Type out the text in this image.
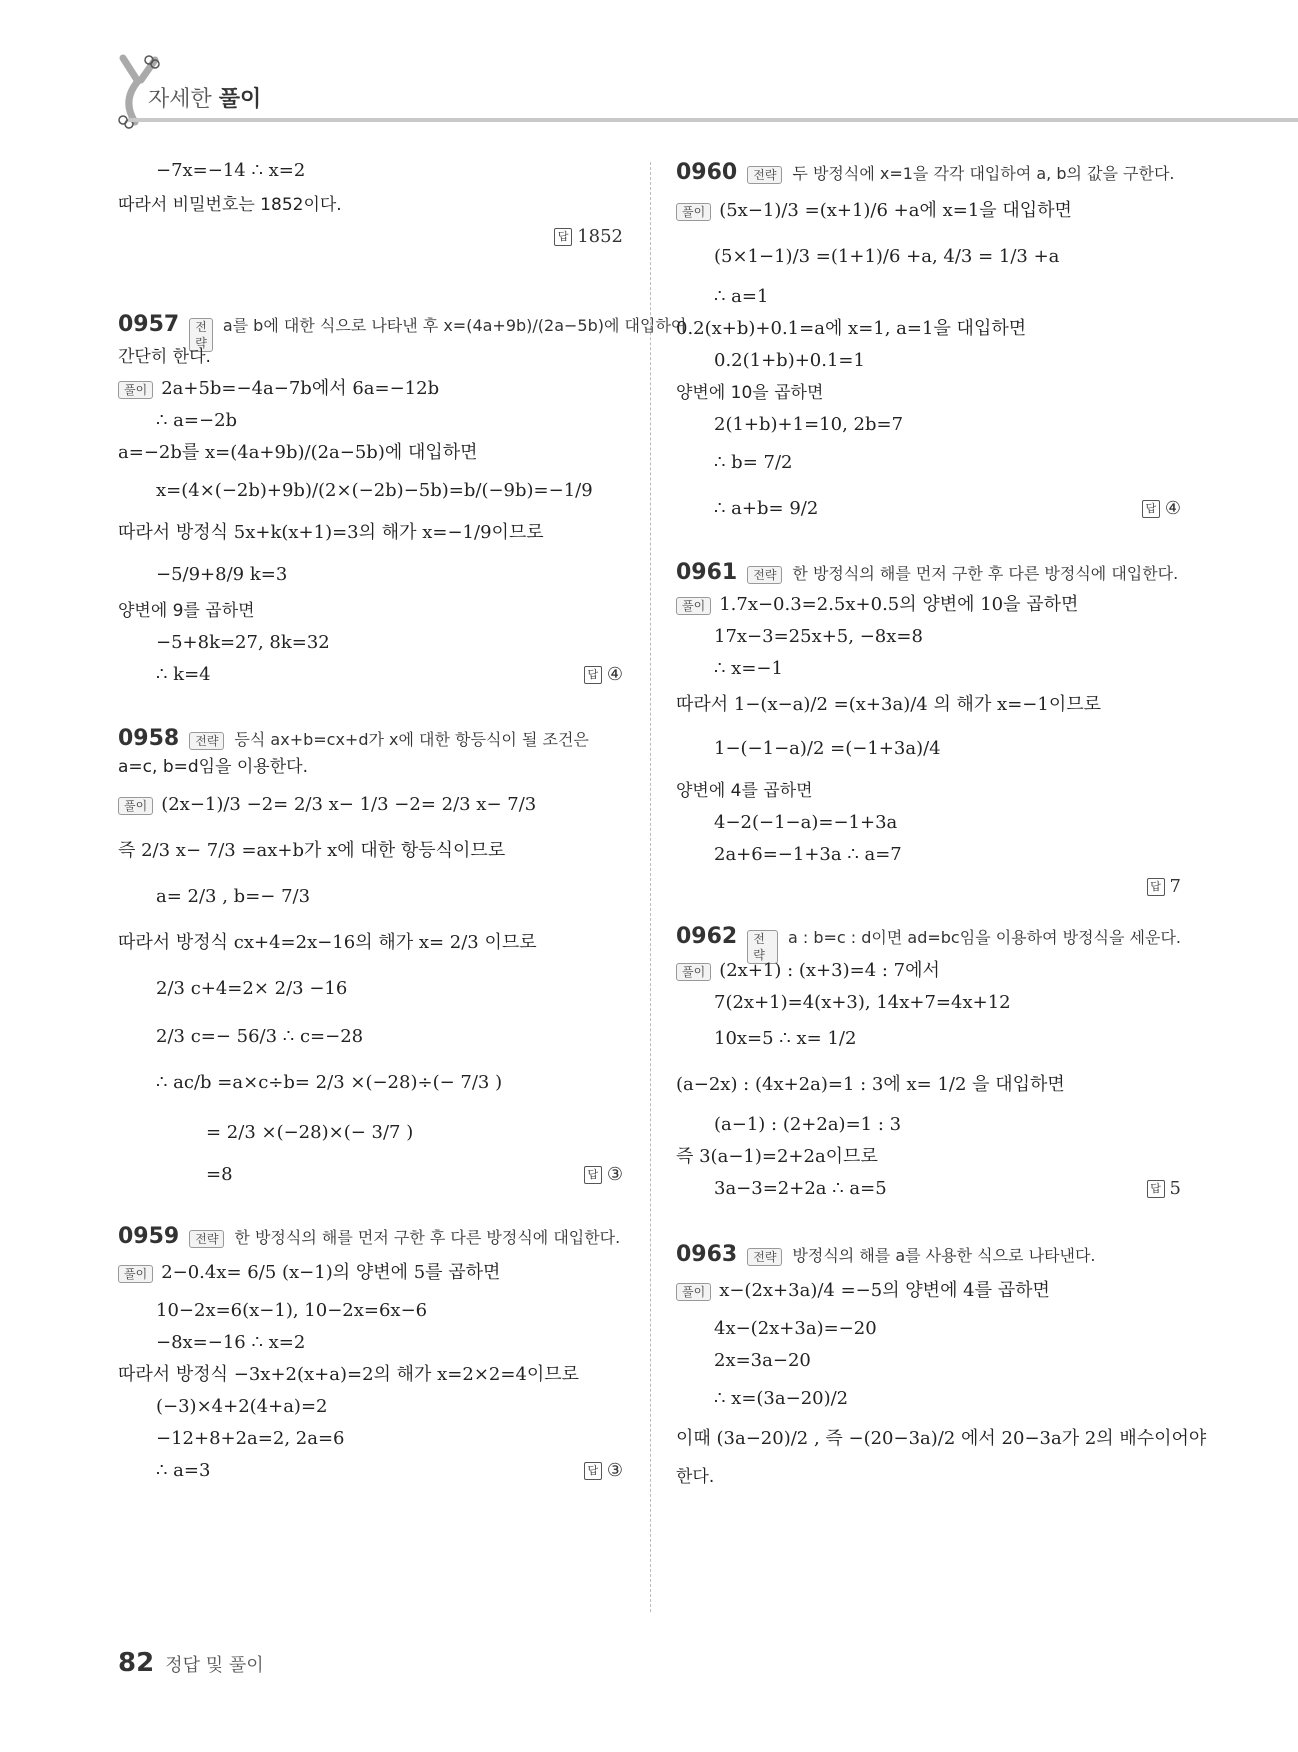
자세한 풀이
−7x=−14 ∴ x=2
따라서 비밀번호는 1852이다.
답 1852
0957	전략
a를 b에 대한 식으로 나타낸 후 x=(4a+9b)/(2a−5b)에 대입하여
간단히 한다.
풀이 2a+5b=−4a−7b에서 6a=−12b
∴ a=−2b
a=−2b를 x=(4a+9b)/(2a−5b)에 대입하면
x=(4×(−2b)+9b)/(2×(−2b)−5b)=b/(−9b)=−1/9
따라서 방정식 5x+k(x+1)=3의 해가 x=−1/9이므로
−5/9+8/9 k=3
양변에 9를 곱하면
−5+8k=27, 8k=32
∴ k=4	답 ④
0958	전략	등식 ax+b=cx+d가 x에 대한 항등식이 될 조건은
a=c, b=d임을 이용한다.
풀이 (2x−1)/3 −2= 2/3 x− 1/3 −2= 2/3 x− 7/3
즉 2/3 x− 7/3 =ax+b가 x에 대한 항등식이므로
a= 2/3 , b=− 7/3
따라서 방정식 cx+4=2x−16의 해가 x= 2/3 이므로
2/3 c+4=2× 2/3 −16
2/3 c=− 56/3 ∴ c=−28
∴ ac/b =a×c÷b= 2/3 ×(−28)÷(− 7/3 )
= 2/3 ×(−28)×(− 3/7 )
=8	답 ③
0959	전략	한 방정식의 해를 먼저 구한 후 다른 방정식에 대입한다.
풀이 2−0.4x= 6/5 (x−1)의 양변에 5를 곱하면
10−2x=6(x−1), 10−2x=6x−6
−8x=−16 ∴ x=2
따라서 방정식 −3x+2(x+a)=2의 해가 x=2×2=4이므로
(−3)×4+2(4+a)=2
−12+8+2a=2, 2a=6
∴ a=3	답 ③
0960	전략	두 방정식에 x=1을 각각 대입하여 a, b의 값을 구한다.
풀이 (5x−1)/3 =(x+1)/6 +a에 x=1을 대입하면
(5×1−1)/3 =(1+1)/6 +a, 4/3 = 1/3 +a
∴ a=1
0.2(x+b)+0.1=a에 x=1, a=1을 대입하면
0.2(1+b)+0.1=1
양변에 10을 곱하면
2(1+b)+1=10, 2b=7
∴ b= 7/2
∴ a+b= 9/2	답 ④
0961	전략	한 방정식의 해를 먼저 구한 후 다른 방정식에 대입한다.
풀이 1.7x−0.3=2.5x+0.5의 양변에 10을 곱하면
17x−3=25x+5, −8x=8
∴ x=−1
따라서 1−(x−a)/2 =(x+3a)/4 의 해가 x=−1이므로
1−(−1−a)/2 =(−1+3a)/4
양변에 4를 곱하면
4−2(−1−a)=−1+3a
2a+6=−1+3a ∴ a=7
답 7
0962	전략
a : b=c : d이면 ad=bc임을 이용하여 방정식을 세운다.
풀이 (2x+1) : (x+3)=4 : 7에서
7(2x+1)=4(x+3), 14x+7=4x+12
10x=5 ∴ x= 1/2
(a−2x) : (4x+2a)=1 : 3에 x= 1/2 을 대입하면
(a−1) : (2+2a)=1 : 3
즉 3(a−1)=2+2a이므로
3a−3=2+2a ∴ a=5	답 5
0963	전략	방정식의 해를 a를 사용한 식으로 나타낸다.
풀이 x−(2x+3a)/4 =−5의 양변에 4를 곱하면
4x−(2x+3a)=−20
2x=3a−20
∴ x=(3a−20)/2
이때 (3a−20)/2 , 즉 −(20−3a)/2 에서 20−3a가 2의 배수이어야
한다.
82 정답 및 풀이
